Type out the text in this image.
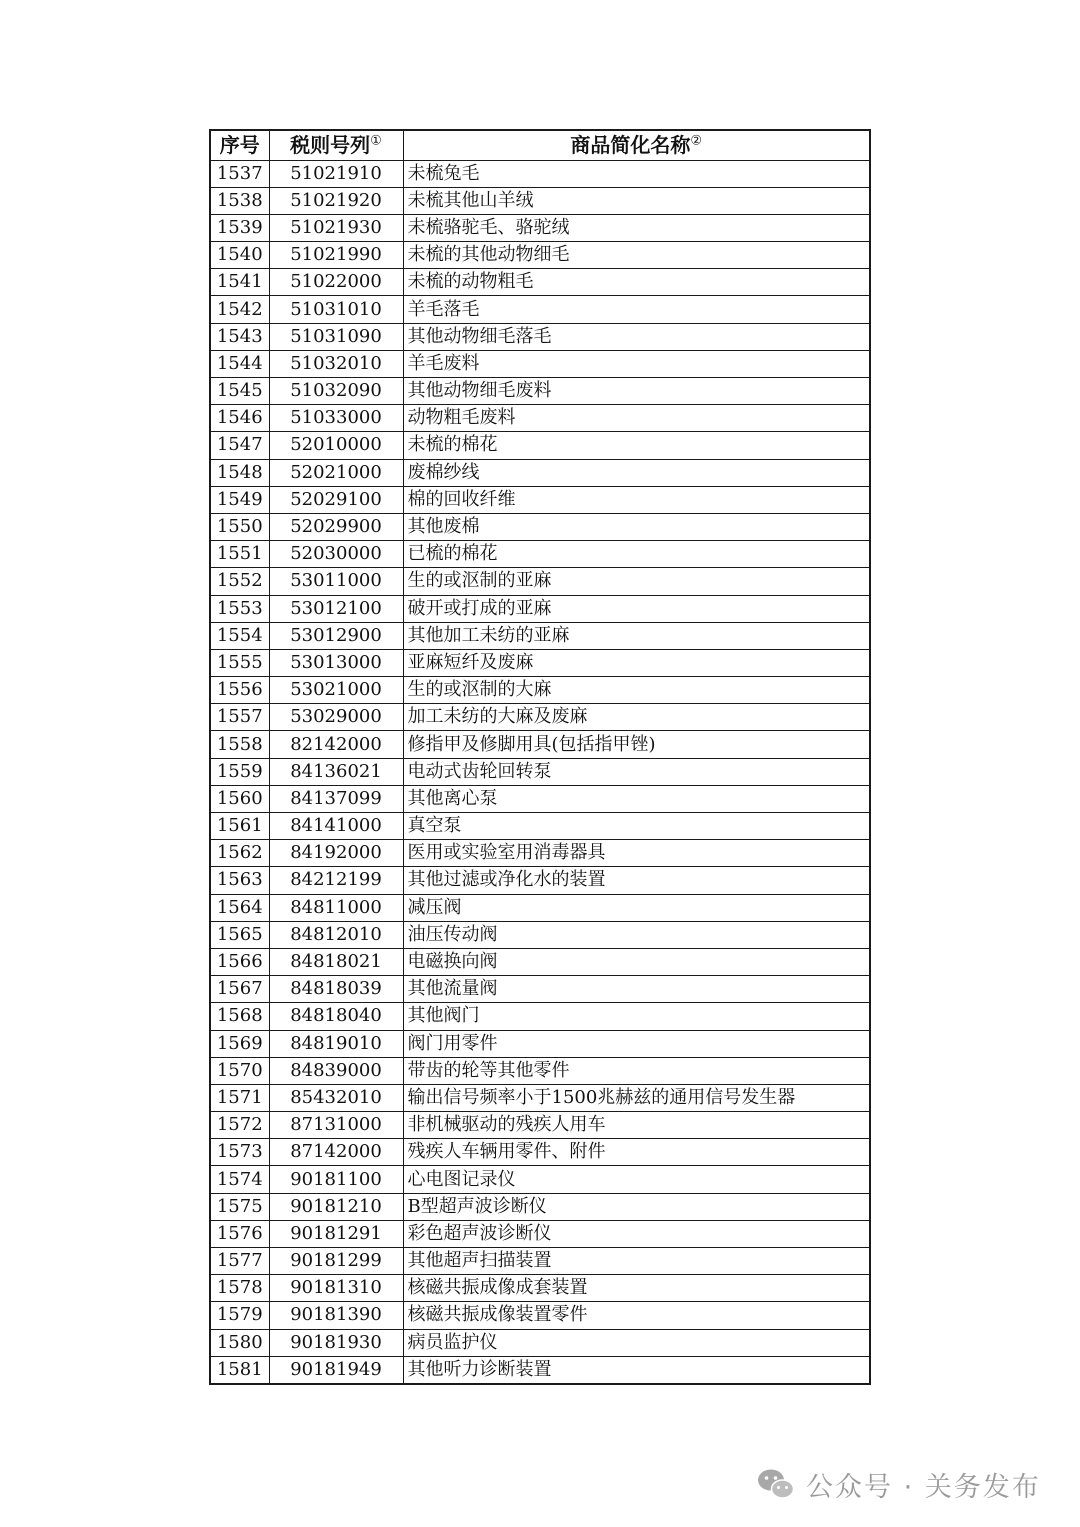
序号	税则号列①	商品简化名称②
1537	51021910	未梳兔毛
1538	51021920	未梳其他山羊绒
1539	51021930	未梳骆驼毛、骆驼绒
1540	51021990	未梳的其他动物细毛
1541	51022000	未梳的动物粗毛
1542	51031010	羊毛落毛
1543	51031090	其他动物细毛落毛
1544	51032010	羊毛废料
1545	51032090	其他动物细毛废料
1546	51033000	动物粗毛废料
1547	52010000	未梳的棉花
1548	52021000	废棉纱线
1549	52029100	棉的回收纤维
1550	52029900	其他废棉
1551	52030000	已梳的棉花
1552	53011000	生的或沤制的亚麻
1553	53012100	破开或打成的亚麻
1554	53012900	其他加工未纺的亚麻
1555	53013000	亚麻短纤及废麻
1556	53021000	生的或沤制的大麻
1557	53029000	加工未纺的大麻及废麻
1558	82142000	修指甲及修脚用具(包括指甲锉)
1559	84136021	电动式齿轮回转泵
1560	84137099	其他离心泵
1561	84141000	真空泵
1562	84192000	医用或实验室用消毒器具
1563	84212199	其他过滤或净化水的装置
1564	84811000	减压阀
1565	84812010	油压传动阀
1566	84818021	电磁换向阀
1567	84818039	其他流量阀
1568	84818040	其他阀门
1569	84819010	阀门用零件
1570	84839000	带齿的轮等其他零件
1571	85432010	输出信号频率小于1500兆赫兹的通用信号发生器
1572	87131000	非机械驱动的残疾人用车
1573	87142000	残疾人车辆用零件、附件
1574	90181100	心电图记录仪
1575	90181210	B型超声波诊断仪
1576	90181291	彩色超声波诊断仪
1577	90181299	其他超声扫描装置
1578	90181310	核磁共振成像成套装置
1579	90181390	核磁共振成像装置零件
1580	90181930	病员监护仪
1581	90181949	其他听力诊断装置
公众号 · 关务发布
